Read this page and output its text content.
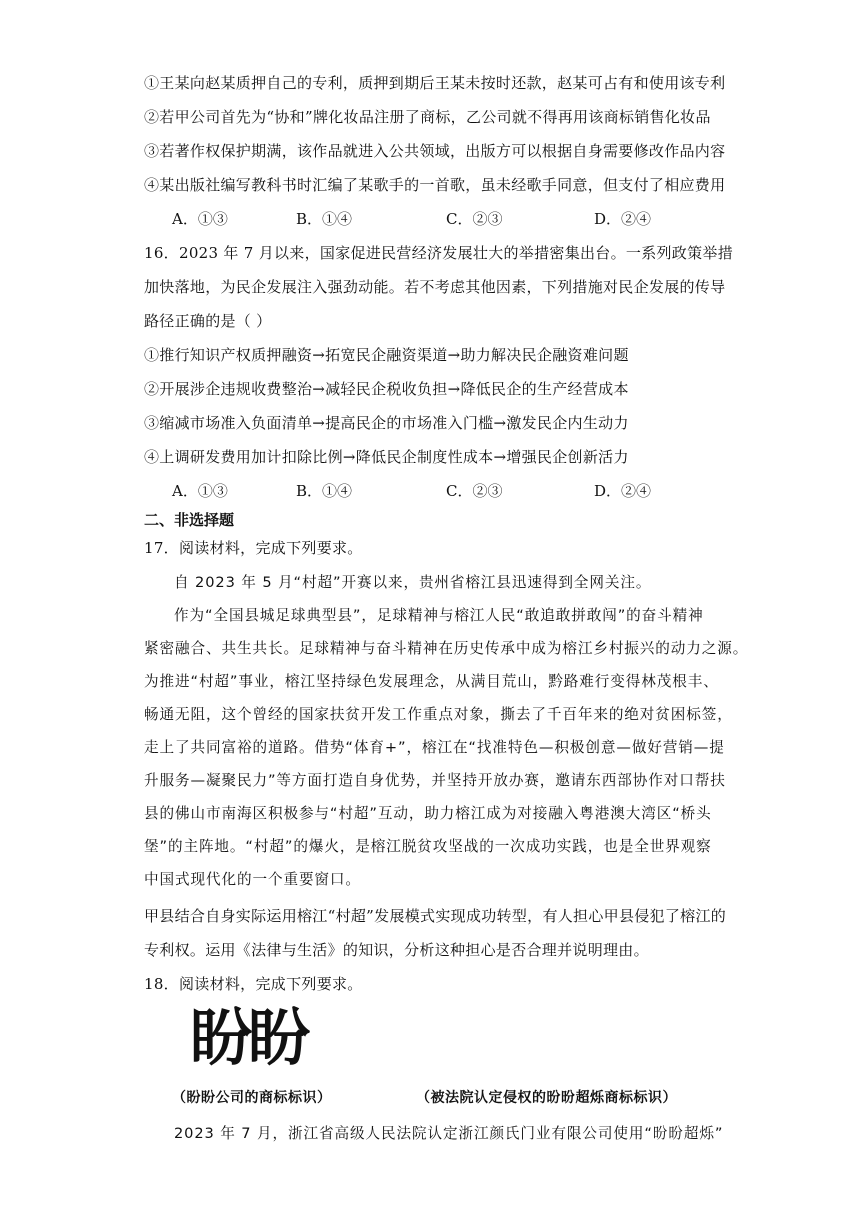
①王某向赵某质押自己的专利，质押到期后王某未按时还款，赵某可占有和使用该专利
②若甲公司首先为“协和”牌化妆品注册了商标，乙公司就不得再用该商标销售化妆品
③若著作权保护期满，该作品就进入公共领域，出版方可以根据自身需要修改作品内容
④某出版社编写教科书时汇编了某歌手的一首歌，虽未经歌手同意，但支付了相应费用
A．①③	B．①④	C．②③	D．②④
16．2023 年 7 月以来，国家促进民营经济发展壮大的举措密集出台。一系列政策举措
加快落地，为民企发展注入强劲动能。若不考虑其他因素，下列措施对民企发展的传导
路径正确的是（ ）
①推行知识产权质押融资→拓宽民企融资渠道→助力解决民企融资难问题
②开展涉企违规收费整治→减轻民企税收负担→降低民企的生产经营成本
③缩减市场准入负面清单→提高民企的市场准入门槛→激发民企内生动力
④上调研发费用加计扣除比例→降低民企制度性成本→增强民企创新活力
A．①③	B．①④	C．②③	D．②④
二、非选择题
17．阅读材料，完成下列要求。
自 2023 年 5 月“村超”开赛以来，贵州省榕江县迅速得到全网关注。
作为“全国县城足球典型县”，足球精神与榕江人民“敢追敢拼敢闯”的奋斗精神
紧密融合、共生共长。足球精神与奋斗精神在历史传承中成为榕江乡村振兴的动力之源。
为推进“村超”事业，榕江坚持绿色发展理念，从满目荒山，黔路难行变得林茂根丰、
畅通无阻，这个曾经的国家扶贫开发工作重点对象，撕去了千百年来的绝对贫困标签，
走上了共同富裕的道路。借势“体育+”，榕江在“找准特色—积极创意—做好营销—提
升服务—凝聚民力”等方面打造自身优势，并坚持开放办赛，邀请东西部协作对口帮扶
县的佛山市南海区积极参与“村超”互动，助力榕江成为对接融入粤港澳大湾区“桥头
堡”的主阵地。“村超”的爆火，是榕江脱贫攻坚战的一次成功实践，也是全世界观察
中国式现代化的一个重要窗口。
甲县结合自身实际运用榕江“村超”发展模式实现成功转型，有人担心甲县侵犯了榕江的
专利权。运用《法律与生活》的知识，分析这种担心是否合理并说明理由。
18．阅读材料，完成下列要求。
盼盼
（盼盼公司的商标标识）	（被法院认定侵权的昐昐超烁商标标识）
2023 年 7 月，浙江省高级人民法院认定浙江颜氏门业有限公司使用“昐昐超烁”
